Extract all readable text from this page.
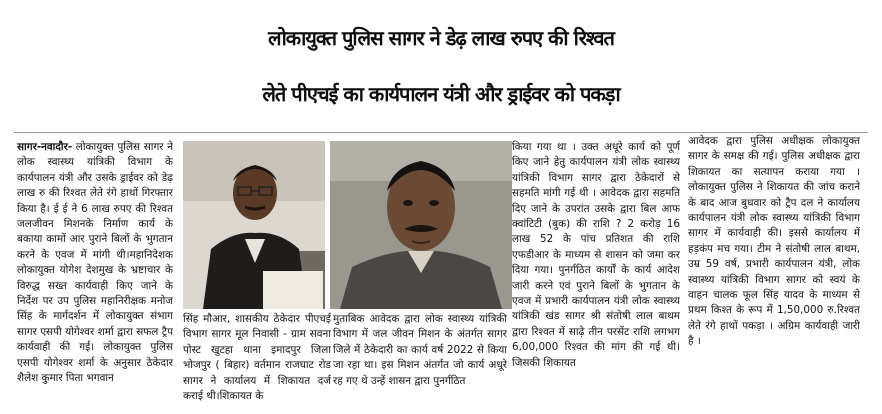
लोकायुक्त पुलिस सागर ने डेढ़ लाख रुपए की रिश्वत
लेते पीएचई का कार्यपालन यंत्री और ड्राईवर को पकड़ा

सागर-नवादौर- लोकायुक्त पुलिस सागर ने लोक स्वास्थ्य यांत्रिकी विभाग के कार्यपालन यंत्री और उसके ड्राईवर को डेढ़ लाख रु की रिश्वत लेते रंगे हाथों गिरफ्तार किया है। ई ई ने 6 लाख रुपए की रिश्वत जलजीवन मिशनके निर्माण कार्य के बकाया कामों आर पुराने बिलों के भुगतान करने के एवज में मांगी थी।महानिदेशक लोकायुक्त योगेश देशमुख के भ्रष्टाचार के विरुद्ध सख्त कार्यवाही किए जाने के निर्देश पर उप पुलिस महानिरीक्षक मनोज सिंह के मार्गदर्शन में लोकायुक्त संभाग सागर एसपी योगेश्वर शर्मा द्वारा सफल ट्रैप कार्यवाही की गई। लोकायुक्त पुलिस एसपी योगेश्वर शर्मा के अनुसार ठेकेदार शैलेश कुमार पिता भगवान

सिंह मौआर, शासकीय ठेकेदार पीएचई विभाग सागर मूल निवासी - ग्राम सवना पोस्ट खुटहा थाना इमादपुर जिला भोजपुर ( बिहार) वर्तमान राजघाट रोड सागर ने कार्यालय में शिकायत दर्ज कराई थी।शिकायत के

मुताबिक आवेदक द्वारा लोक स्वास्थ्य यांत्रिकी विभाग में जल जीवन मिशन के अंतर्गत सागर जिले में ठेकेदारी का कार्य वर्ष 2022 से किया जा रहा था। इस मिशन अंतर्गत जो कार्य अधूरे रह गए थे उन्हें शासन द्वारा पुनर्गठित

किया गया था । उक्त अधूरे कार्य को पूर्ण किए जाने हेतु कार्यपालन यंत्री लोक स्वास्थ्य यांत्रिकी विभाग सागर द्वारा ठेकेदारों से सहमति मांगी गई थी । आवेदक द्वारा सहमति दिए जाने के उपरांत उसके द्वारा बिल आफ क्वांटिटी (बुक) की राशि ? 2 करोड़ 16 लाख 52 के पांच प्रतिशत की राशि एफडीआर के माध्यम से शासन को जमा कर दिया गया। पुनर्गठित कार्यों के कार्य आदेश जारी करने एवं पुराने बिलों के भुगतान के एवज में प्रभारी कार्यपालन यंत्री लोक स्वास्थ्य यांत्रिकी खंड सागर श्री संतोषी लाल बाथम द्वारा रिश्वत में साढ़े तीन परसेंट राशि लगभग 6,00,000 रिश्वत की मांग की गई थी। जिसकी शिकायत

आवेदक द्वारा पुलिस अधीक्षक लोकायुक्त सागर के समक्ष की गई। पुलिस अधीक्षक द्वारा शिकायत का सत्यापन कराया गया । लोकायुक्त पुलिस ने शिकायत की जांच कराने के बाद आज बुधवार को ट्रैप दल ने कार्यालय कार्यपालन यंत्री लोक स्वास्थ्य यांत्रिकी विभाग सागर में कार्यवाही की। इससे कार्यालय में हड़कंप मच गया। टीम ने संतोषी लाल बाथम, उम्र 59 वर्ष, प्रभारी कार्यपालन यंत्री, लोक स्वास्थ्य यांत्रिकी विभाग सागर को स्वयं के वाहन चालक फूल सिंह यादव के माध्यम से प्रथम किश्त के रूप में 1,50,000 रु.रिश्वत लेते रंगे हाथों पकड़ा । अग्रिम कार्यवाही जारी है ।
